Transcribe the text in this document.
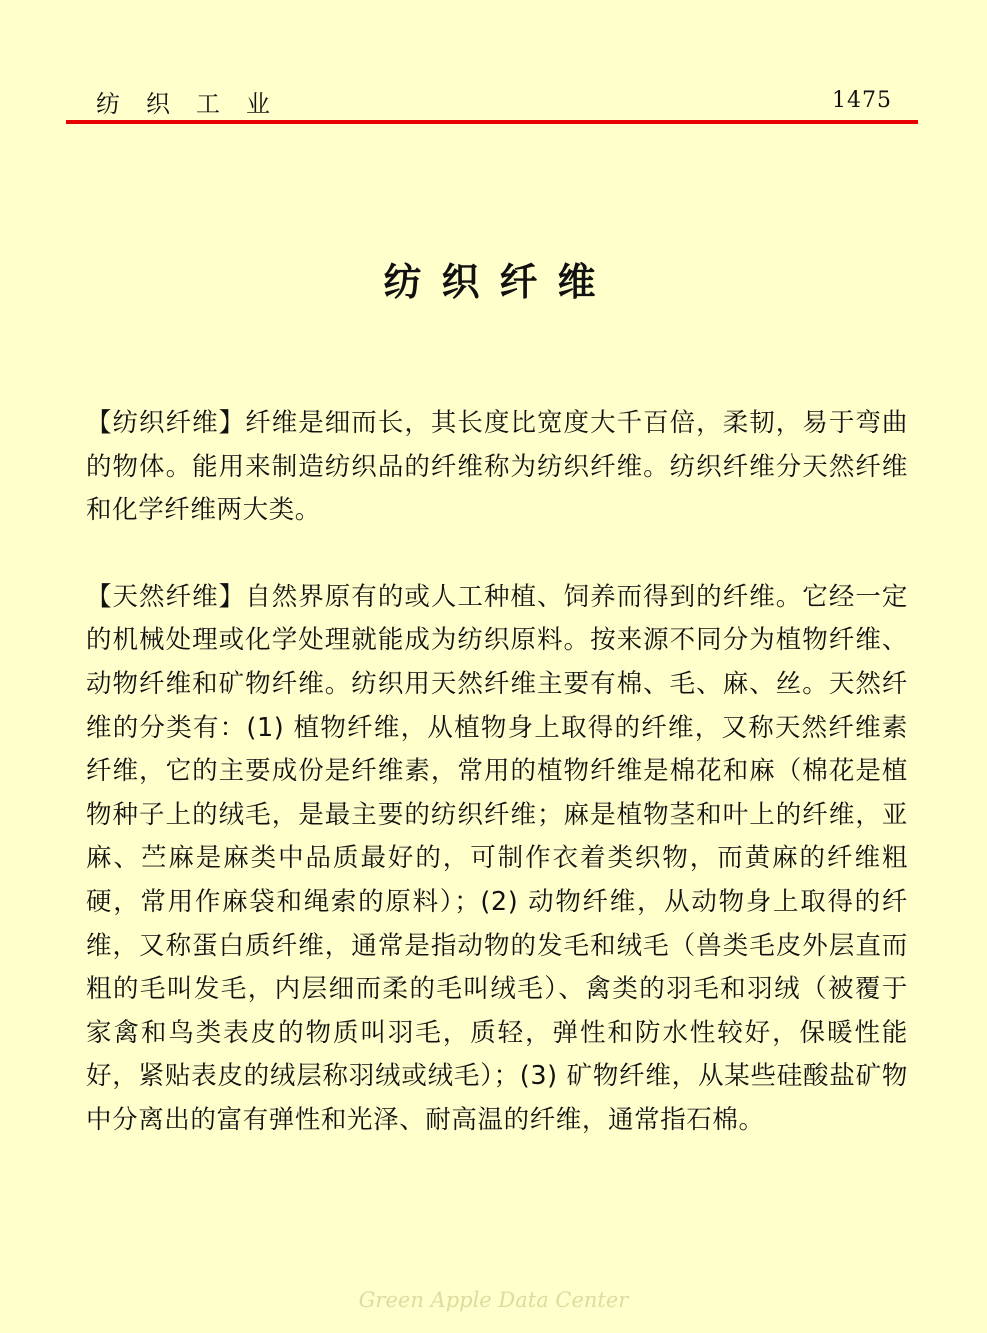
纺织工业	1475
纺织纤维

【纺织纤维】纤维是细而长，其长度比宽度大千百倍，柔韧，易于弯曲的物体。能用来制造纺织品的纤维称为纺织纤维。纺织纤维分天然纤维和化学纤维两大类。

【天然纤维】自然界原有的或人工种植、饲养而得到的纤维。它经一定的机械处理或化学处理就能成为纺织原料。按来源不同分为植物纤维、动物纤维和矿物纤维。纺织用天然纤维主要有棉、毛、麻、丝。天然纤维的分类有：(1) 植物纤维，从植物身上取得的纤维，又称天然纤维素纤维，它的主要成份是纤维素，常用的植物纤维是棉花和麻（棉花是植物种子上的绒毛，是最主要的纺织纤维；麻是植物茎和叶上的纤维，亚麻、苎麻是麻类中品质最好的，可制作衣着类织物，而黄麻的纤维粗硬，常用作麻袋和绳索的原料）；(2) 动物纤维，从动物身上取得的纤维，又称蛋白质纤维，通常是指动物的发毛和绒毛（兽类毛皮外层直而粗的毛叫发毛，内层细而柔的毛叫绒毛）、禽类的羽毛和羽绒（被覆于家禽和鸟类表皮的物质叫羽毛，质轻，弹性和防水性较好，保暖性能好，紧贴表皮的绒层称羽绒或绒毛）；(3) 矿物纤维，从某些硅酸盐矿物中分离出的富有弹性和光泽、耐高温的纤维，通常指石棉。

Green Apple Data Center
